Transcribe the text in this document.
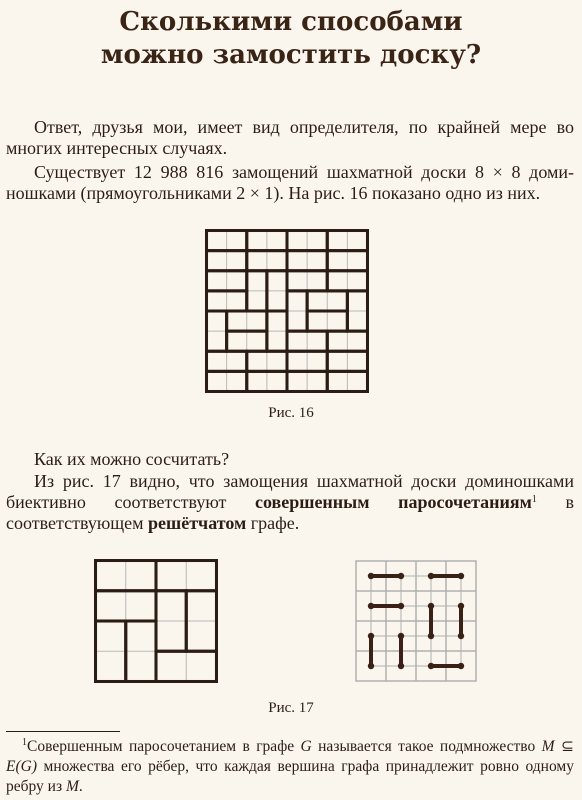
Сколькими способами
можно замостить доску?
Ответ, друзья мои, имеет вид определителя, по крайней мере во многих интересных случаях.
Существует 12 988 816 замощений шахматной доски 8 × 8 доминошками (прямоугольниками 2 × 1). На рис. 16 показано одно из них.
Рис. 16
Как их можно сосчитать?
Из рис. 17 видно, что замощения шахматной доски доминошками биективно соответствуют совершенным паросочетаниям$^1$ в соответствующем решётчатом графе.
Рис. 17
$^1$Совершенным паросочетанием в графе G называется такое подмножество M ⊆ E(G) множества его рёбер, что каждая вершина графа принадлежит ровно одному ребру из M.
